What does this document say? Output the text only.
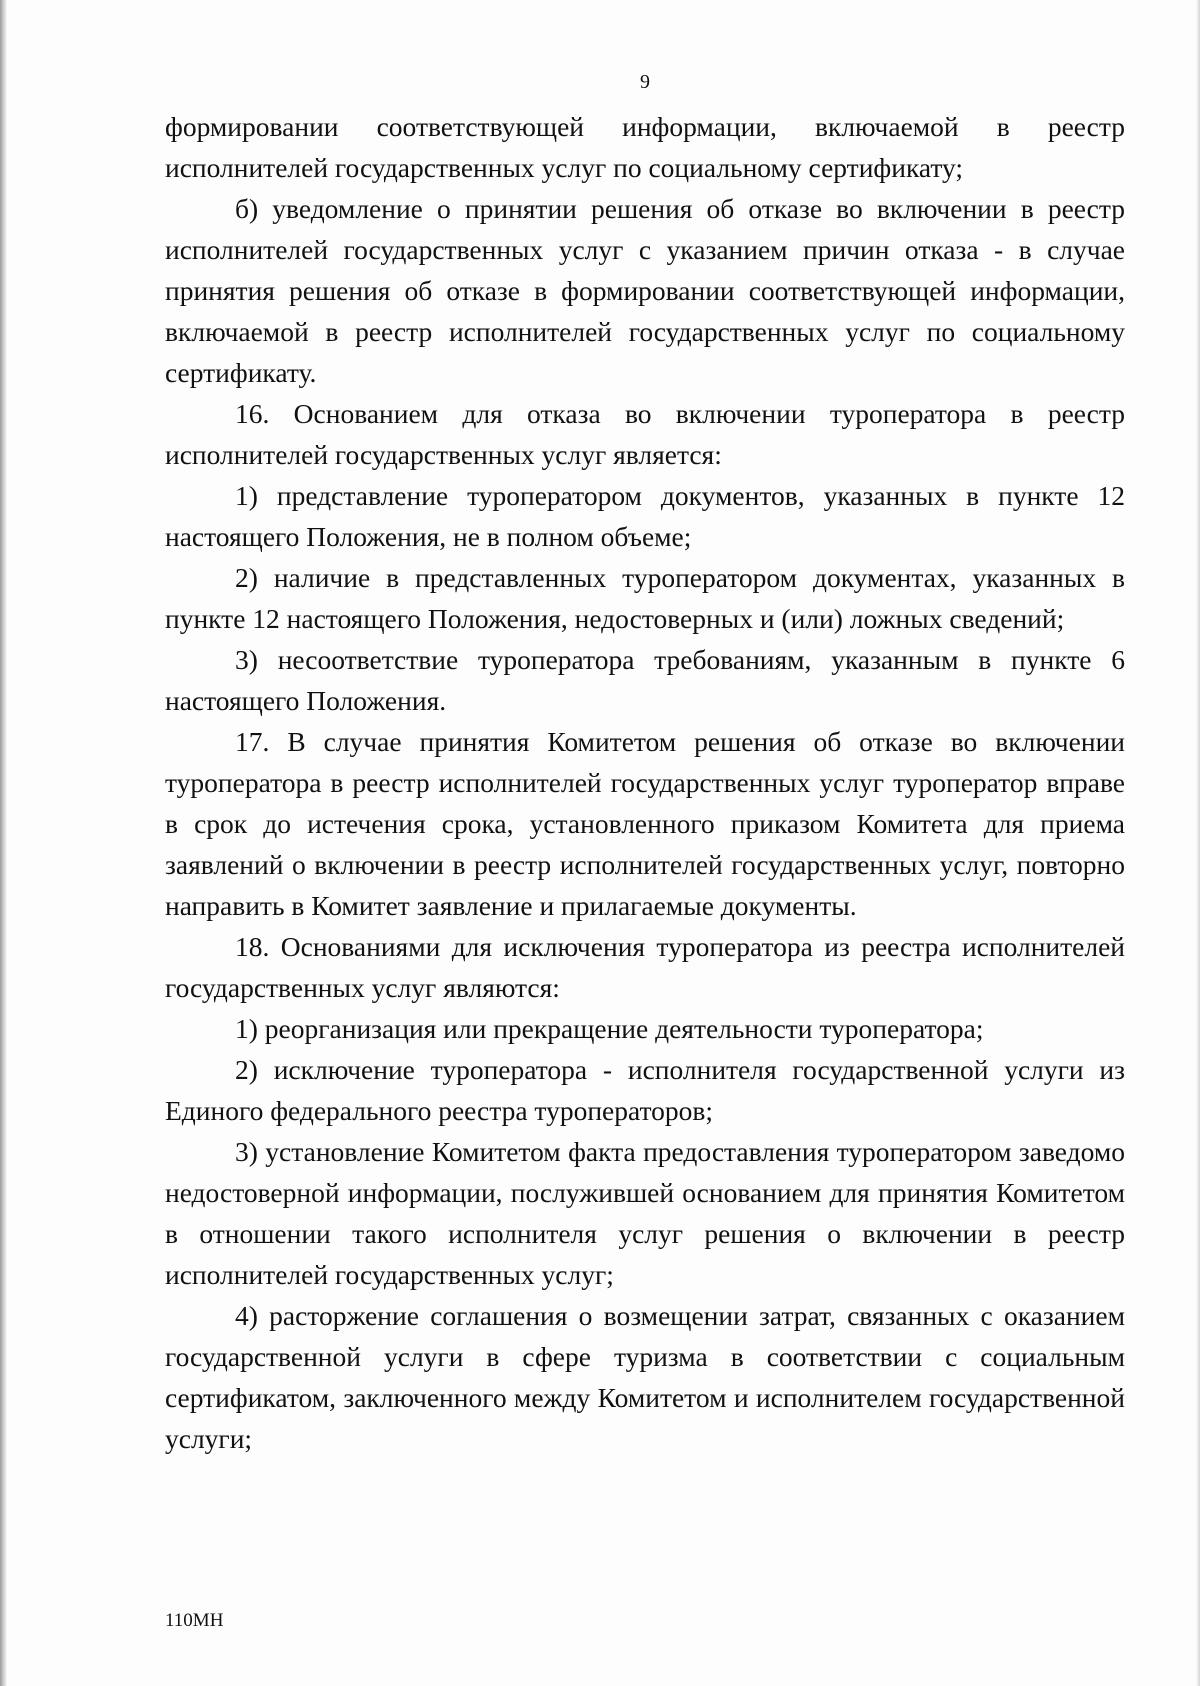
9

формировании соответствующей информации, включаемой в реестр исполнителей государственных услуг по социальному сертификату;

б) уведомление о принятии решения об отказе во включении в реестр исполнителей государственных услуг с указанием причин отказа - в случае принятия решения об отказе в формировании соответствующей информации, включаемой в реестр исполнителей государственных услуг по социальному сертификату.

16. Основанием для отказа во включении туроператора в реестр исполнителей государственных услуг является:

1) представление туроператором документов, указанных в пункте 12 настоящего Положения, не в полном объеме;

2) наличие в представленных туроператором документах, указанных в пункте 12 настоящего Положения, недостоверных и (или) ложных сведений;

3) несоответствие туроператора требованиям, указанным в пункте 6 настоящего Положения.

17. В случае принятия Комитетом решения об отказе во включении туроператора в реестр исполнителей государственных услуг туроператор вправе в срок до истечения срока, установленного приказом Комитета для приема заявлений о включении в реестр исполнителей государственных услуг, повторно направить в Комитет заявление и прилагаемые документы.

18. Основаниями для исключения туроператора из реестра исполнителей государственных услуг являются:

1) реорганизация или прекращение деятельности туроператора;

2) исключение туроператора - исполнителя государственной услуги из Единого федерального реестра туроператоров;

3) установление Комитетом факта предоставления туроператором заведомо недостоверной информации, послужившей основанием для принятия Комитетом в отношении такого исполнителя услуг решения о включении в реестр исполнителей государственных услуг;

4) расторжение соглашения о возмещении затрат, связанных с оказанием государственной услуги в сфере туризма в соответствии с социальным сертификатом, заключенного между Комитетом и исполнителем государственной услуги;

110МН
